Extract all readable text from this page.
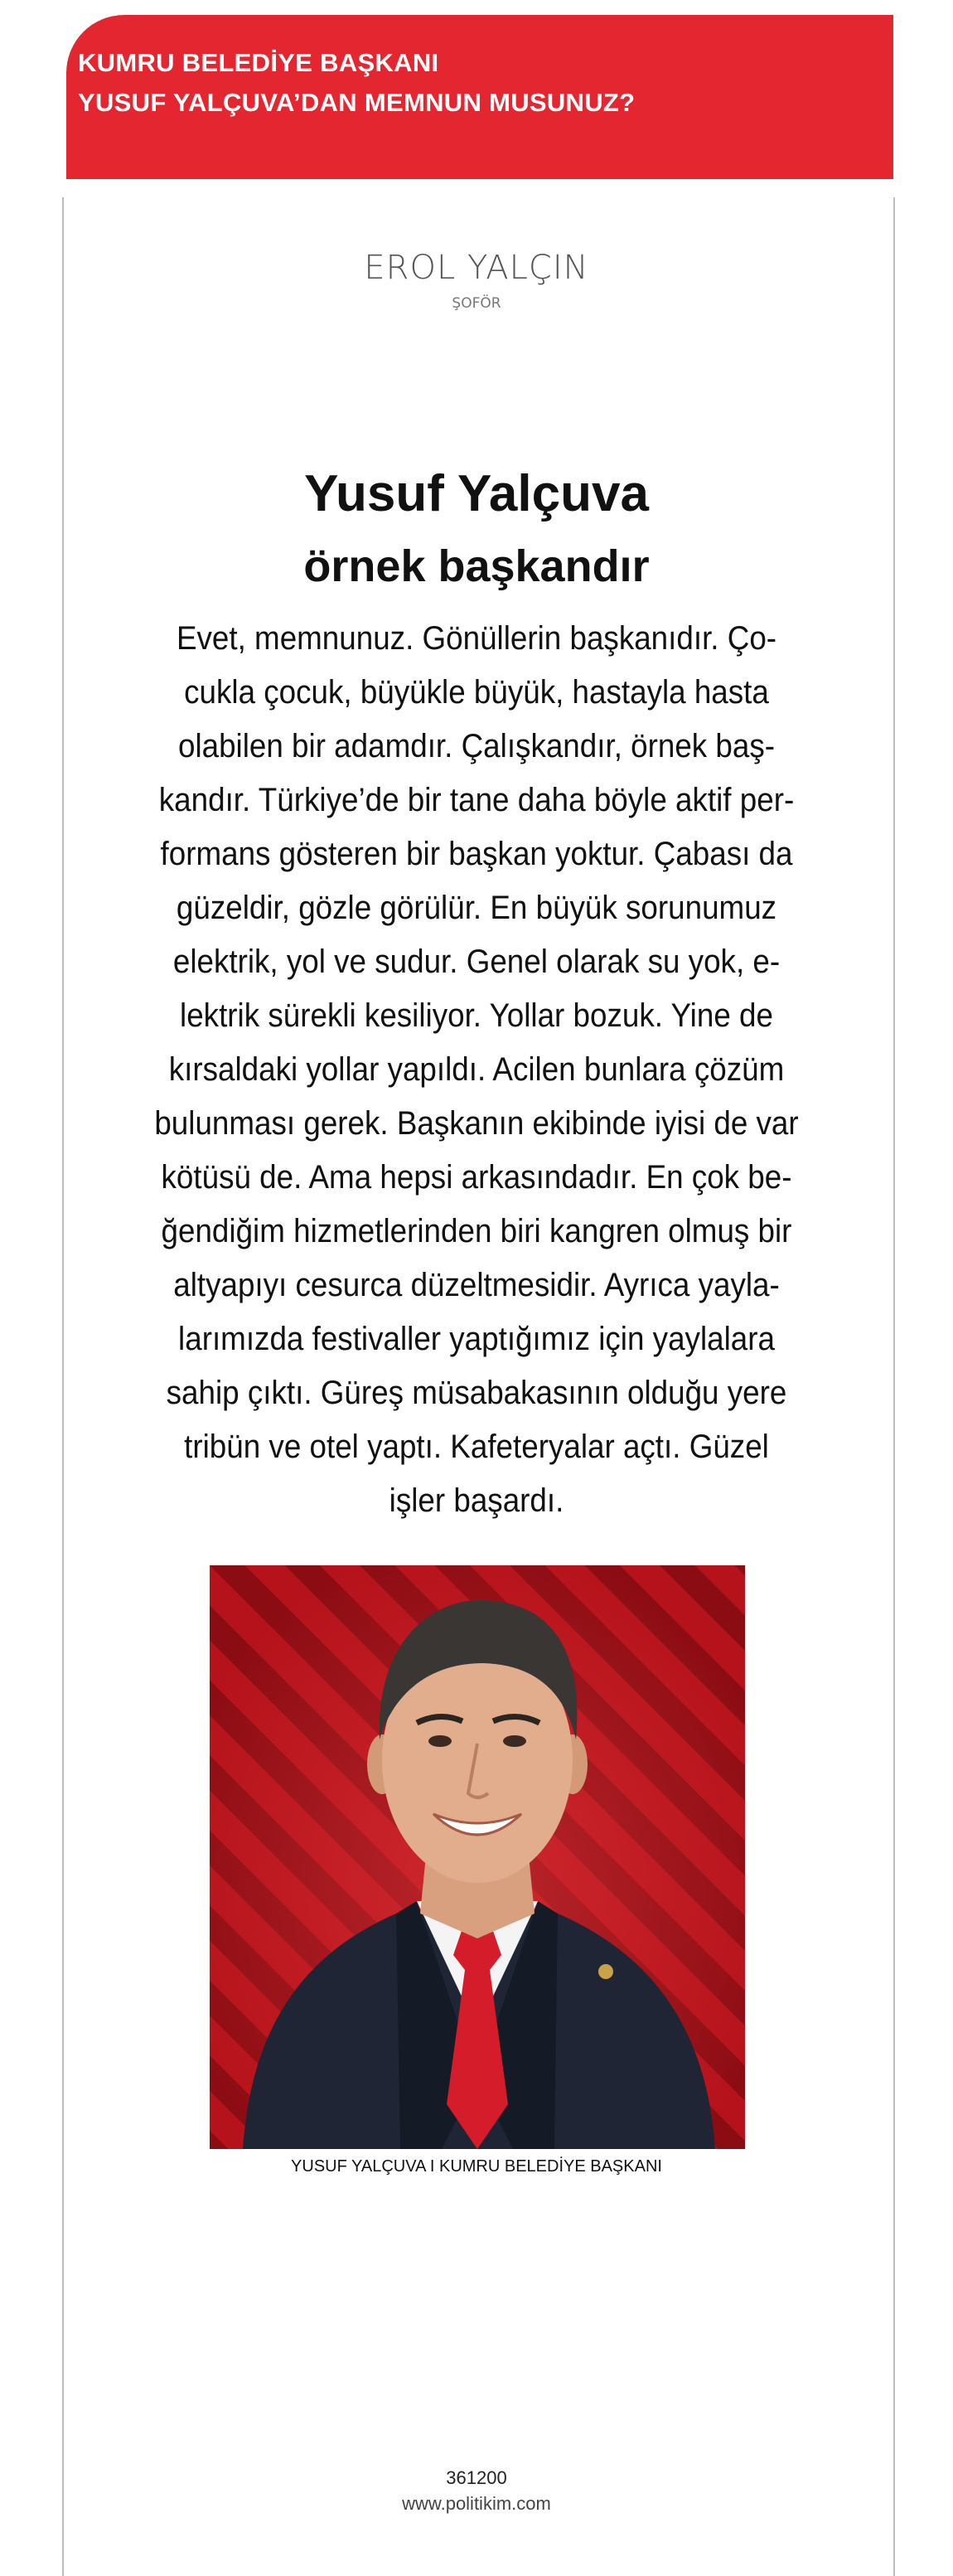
KUMRU BELEDİYE BAŞKANI
YUSUF YALÇUVA’DAN MEMNUN MUSUNUZ?
EROL YALÇIN
ŞOFÖR
Yusuf Yalçuva
örnek başkandır
Evet, memnunuz. Gönüllerin başkanıdır. Ço-
cukla çocuk, büyükle büyük, hastayla hasta
olabilen bir adamdır. Çalışkandır, örnek baş-
kandır. Türkiye’de bir tane daha böyle aktif per-
formans gösteren bir başkan yoktur. Çabası da
güzeldir, gözle görülür. En büyük sorunumuz
elektrik, yol ve sudur. Genel olarak su yok, e-
lektrik sürekli kesiliyor. Yollar bozuk. Yine de
kırsaldaki yollar yapıldı. Acilen bunlara çözüm
bulunması gerek. Başkanın ekibinde iyisi de var
kötüsü de. Ama hepsi arkasındadır. En çok be-
ğendiğim hizmetlerinden biri kangren olmuş bir
altyapıyı cesurca düzeltmesidir. Ayrıca yayla-
larımızda festivaller yaptığımız için yaylalara
sahip çıktı. Güreş müsabakasının olduğu yere
tribün ve otel yaptı. Kafeteryalar açtı. Güzel
işler başardı.
YUSUF YALÇUVA I KUMRU BELEDİYE BAŞKANI
361200
www.politikim.com
